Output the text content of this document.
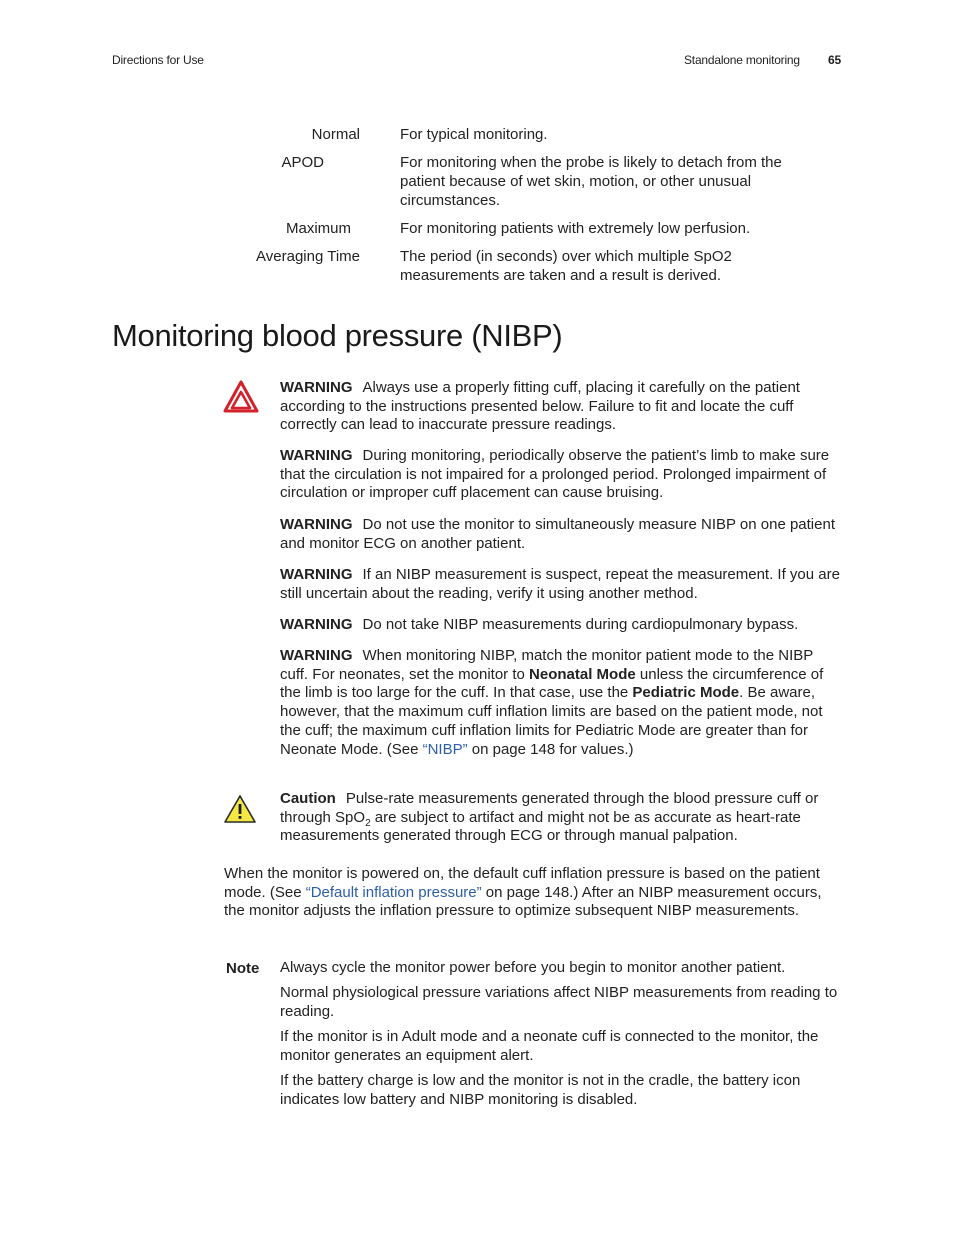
Directions for Use	Standalone monitoring 65
Normal	For typical monitoring.
APOD	For monitoring when the probe is likely to detach from the patient because of wet skin, motion, or other unusual circumstances.
Maximum	For monitoring patients with extremely low perfusion.
Averaging Time	The period (in seconds) over which multiple SpO2 measurements are taken and a result is derived.
Monitoring blood pressure (NIBP)
WARNING Always use a properly fitting cuff, placing it carefully on the patient according to the instructions presented below. Failure to fit and locate the cuff correctly can lead to inaccurate pressure readings.
WARNING During monitoring, periodically observe the patient’s limb to make sure that the circulation is not impaired for a prolonged period. Prolonged impairment of circulation or improper cuff placement can cause bruising.
WARNING Do not use the monitor to simultaneously measure NIBP on one patient and monitor ECG on another patient.
WARNING If an NIBP measurement is suspect, repeat the measurement. If you are still uncertain about the reading, verify it using another method.
WARNING Do not take NIBP measurements during cardiopulmonary bypass.
WARNING When monitoring NIBP, match the monitor patient mode to the NIBP cuff. For neonates, set the monitor to Neonatal Mode unless the circumference of the limb is too large for the cuff. In that case, use the Pediatric Mode. Be aware, however, that the maximum cuff inflation limits are based on the patient mode, not the cuff; the maximum cuff inflation limits for Pediatric Mode are greater than for Neonate Mode. (See “NIBP” on page 148 for values.)
Caution Pulse-rate measurements generated through the blood pressure cuff or through SpO$_2$ are subject to artifact and might not be as accurate as heart-rate measurements generated through ECG or through manual palpation.
When the monitor is powered on, the default cuff inflation pressure is based on the patient mode. (See “Default inflation pressure” on page 148.) After an NIBP measurement occurs, the monitor adjusts the inflation pressure to optimize subsequent NIBP measurements.
Note Always cycle the monitor power before you begin to monitor another patient.
Normal physiological pressure variations affect NIBP measurements from reading to reading.
If the monitor is in Adult mode and a neonate cuff is connected to the monitor, the monitor generates an equipment alert.
If the battery charge is low and the monitor is not in the cradle, the battery icon indicates low battery and NIBP monitoring is disabled.
